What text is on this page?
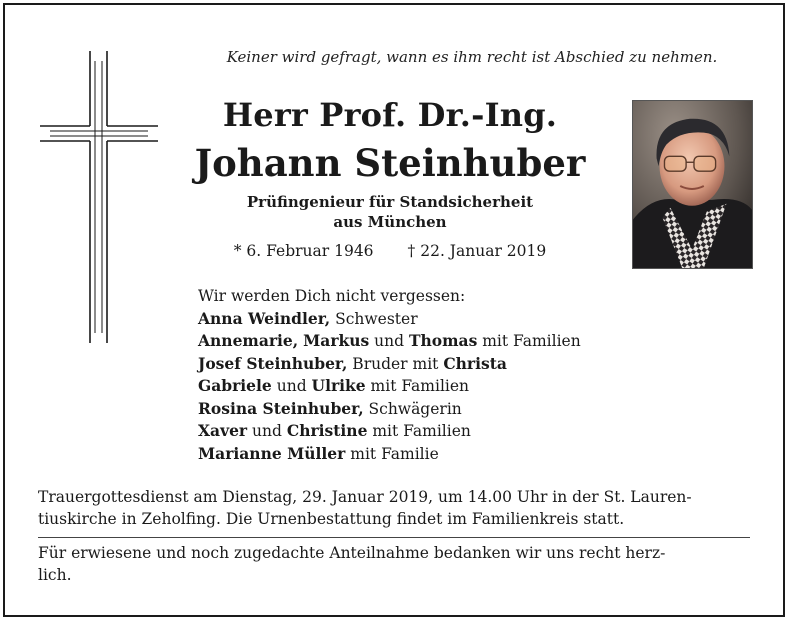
Keiner wird gefragt, wann es ihm recht ist Abschied zu nehmen.
Herr Prof. Dr.-Ing.
Johann Steinhuber
Prüfingenieur für Standsicherheit
aus München
* 6. Februar 1946 † 22. Januar 2019
Wir werden Dich nicht vergessen:
Anna Weindler, Schwester
Annemarie, Markus und Thomas mit Familien
Josef Steinhuber, Bruder mit Christa
Gabriele und Ulrike mit Familien
Rosina Steinhuber, Schwägerin
Xaver und Christine mit Familien
Marianne Müller mit Familie
Trauergottesdienst am Dienstag, 29. Januar 2019, um 14.00 Uhr in der St. Lauren-
tiuskirche in Zeholfing. Die Urnenbestattung findet im Familienkreis statt.
Für erwiesene und noch zugedachte Anteilnahme bedanken wir uns recht herz-
lich.
